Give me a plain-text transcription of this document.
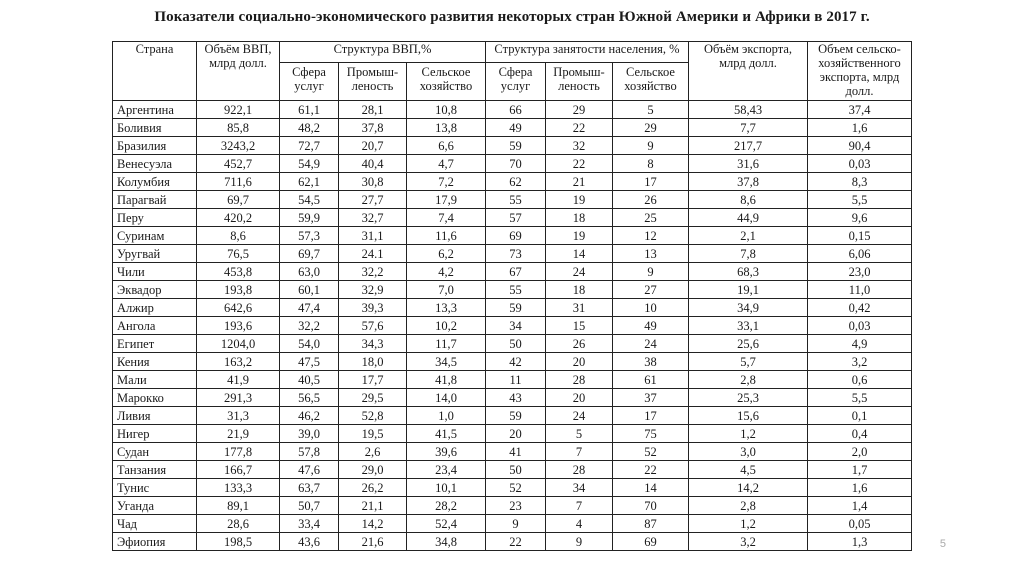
Показатели социально-экономического развития некоторых стран Южной Америки и Африки в 2017 г.
Страна	Объём ВВП, млрд долл.	Структура ВВП,%			Структура занятости населения, %			Объём экспорта, млрд долл.	Объем сельско-хозяйственного экспорта, млрд долл.
		Сфера услуг	Промыш-леность	Сельское хозяйство	Сфера услуг	Промыш-леность	Сельское хозяйство		
Аргентина	922,1	61,1	28,1	10,8	66	29	5	58,43	37,4
Боливия	85,8	48,2	37,8	13,8	49	22	29	7,7	1,6
Бразилия	3243,2	72,7	20,7	6,6	59	32	9	217,7	90,4
Венесуэла	452,7	54,9	40,4	4,7	70	22	8	31,6	0,03
Колумбия	711,6	62,1	30,8	7,2	62	21	17	37,8	8,3
Парагвай	69,7	54,5	27,7	17,9	55	19	26	8,6	5,5
Перу	420,2	59,9	32,7	7,4	57	18	25	44,9	9,6
Суринам	8,6	57,3	31,1	11,6	69	19	12	2,1	0,15
Уругвай	76,5	69,7	24.1	6,2	73	14	13	7,8	6,06
Чили	453,8	63,0	32,2	4,2	67	24	9	68,3	23,0
Эквадор	193,8	60,1	32,9	7,0	55	18	27	19,1	11,0
Алжир	642,6	47,4	39,3	13,3	59	31	10	34,9	0,42
Ангола	193,6	32,2	57,6	10,2	34	15	49	33,1	0,03
Египет	1204,0	54,0	34,3	11,7	50	26	24	25,6	4,9
Кения	163,2	47,5	18,0	34,5	42	20	38	5,7	3,2
Мали	41,9	40,5	17,7	41,8	11	28	61	2,8	0,6
Марокко	291,3	56,5	29,5	14,0	43	20	37	25,3	5,5
Ливия	31,3	46,2	52,8	1,0	59	24	17	15,6	0,1
Нигер	21,9	39,0	19,5	41,5	20	5	75	1,2	0,4
Судан	177,8	57,8	2,6	39,6	41	7	52	3,0	2,0
Танзания	166,7	47,6	29,0	23,4	50	28	22	4,5	1,7
Тунис	133,3	63,7	26,2	10,1	52	34	14	14,2	1,6
Уганда	89,1	50,7	21,1	28,2	23	7	70	2,8	1,4
Чад	28,6	33,4	14,2	52,4	9	4	87	1,2	0,05
Эфиопия	198,5	43,6	21,6	34,8	22	9	69	3,2	1,3	5
